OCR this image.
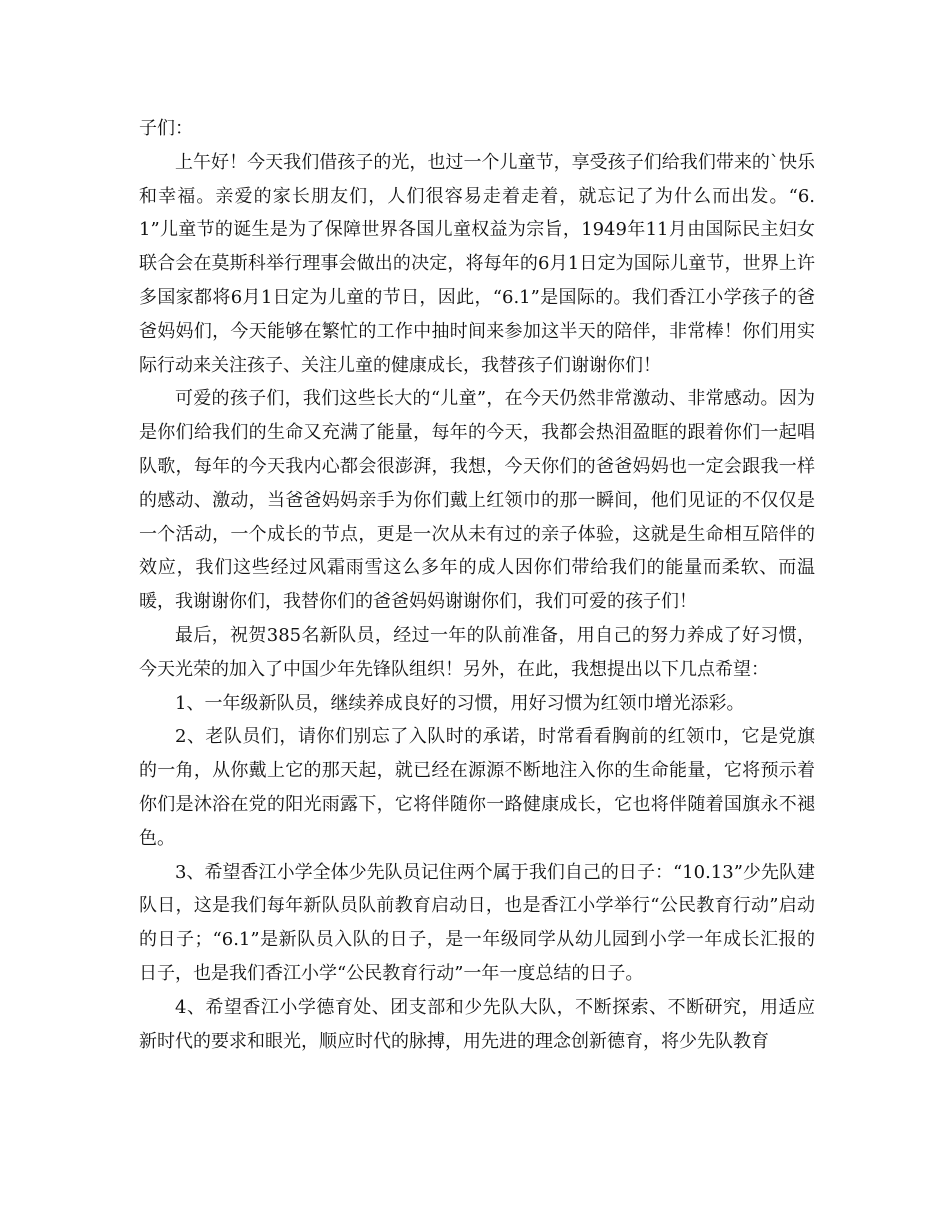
子们：

上午好！今天我们借孩子的光，也过一个儿童节，享受孩子们给我们带来的`快乐和幸福。亲爱的家长朋友们，人们很容易走着走着，就忘记了为什么而出发。“6.1”儿童节的诞生是为了保障世界各国儿童权益为宗旨，1949年11月由国际民主妇女联合会在莫斯科举行理事会做出的决定，将每年的6月1日定为国际儿童节，世界上许多国家都将6月1日定为儿童的节日，因此，“6.1”是国际的。我们香江小学孩子的爸爸妈妈们，今天能够在繁忙的工作中抽时间来参加这半天的陪伴，非常棒！你们用实际行动来关注孩子、关注儿童的健康成长，我替孩子们谢谢你们！

可爱的孩子们，我们这些长大的“儿童”，在今天仍然非常激动、非常感动。因为是你们给我们的生命又充满了能量，每年的今天，我都会热泪盈眶的跟着你们一起唱队歌，每年的今天我内心都会很澎湃，我想，今天你们的爸爸妈妈也一定会跟我一样的感动、激动，当爸爸妈妈亲手为你们戴上红领巾的那一瞬间，他们见证的不仅仅是一个活动，一个成长的节点，更是一次从未有过的亲子体验，这就是生命相互陪伴的效应，我们这些经过风霜雨雪这么多年的成人因你们带给我们的能量而柔软、而温暖，我谢谢你们，我替你们的爸爸妈妈谢谢你们，我们可爱的孩子们！

最后，祝贺385名新队员，经过一年的队前准备，用自己的努力养成了好习惯，今天光荣的加入了中国少年先锋队组织！另外，在此，我想提出以下几点希望：

1、一年级新队员，继续养成良好的习惯，用好习惯为红领巾增光添彩。

2、老队员们，请你们别忘了入队时的承诺，时常看看胸前的红领巾，它是党旗的一角，从你戴上它的那天起，就已经在源源不断地注入你的生命能量，它将预示着你们是沐浴在党的阳光雨露下，它将伴随你一路健康成长，它也将伴随着国旗永不褪色。

3、希望香江小学全体少先队员记住两个属于我们自己的日子：“10.13”少先队建队日，这是我们每年新队员队前教育启动日，也是香江小学举行“公民教育行动”启动的日子；“6.1”是新队员入队的日子，是一年级同学从幼儿园到小学一年成长汇报的日子，也是我们香江小学“公民教育行动”一年一度总结的日子。

4、希望香江小学德育处、团支部和少先队大队，不断探索、不断研究，用适应新时代的要求和眼光，顺应时代的脉搏，用先进的理念创新德育，将少先队教育
